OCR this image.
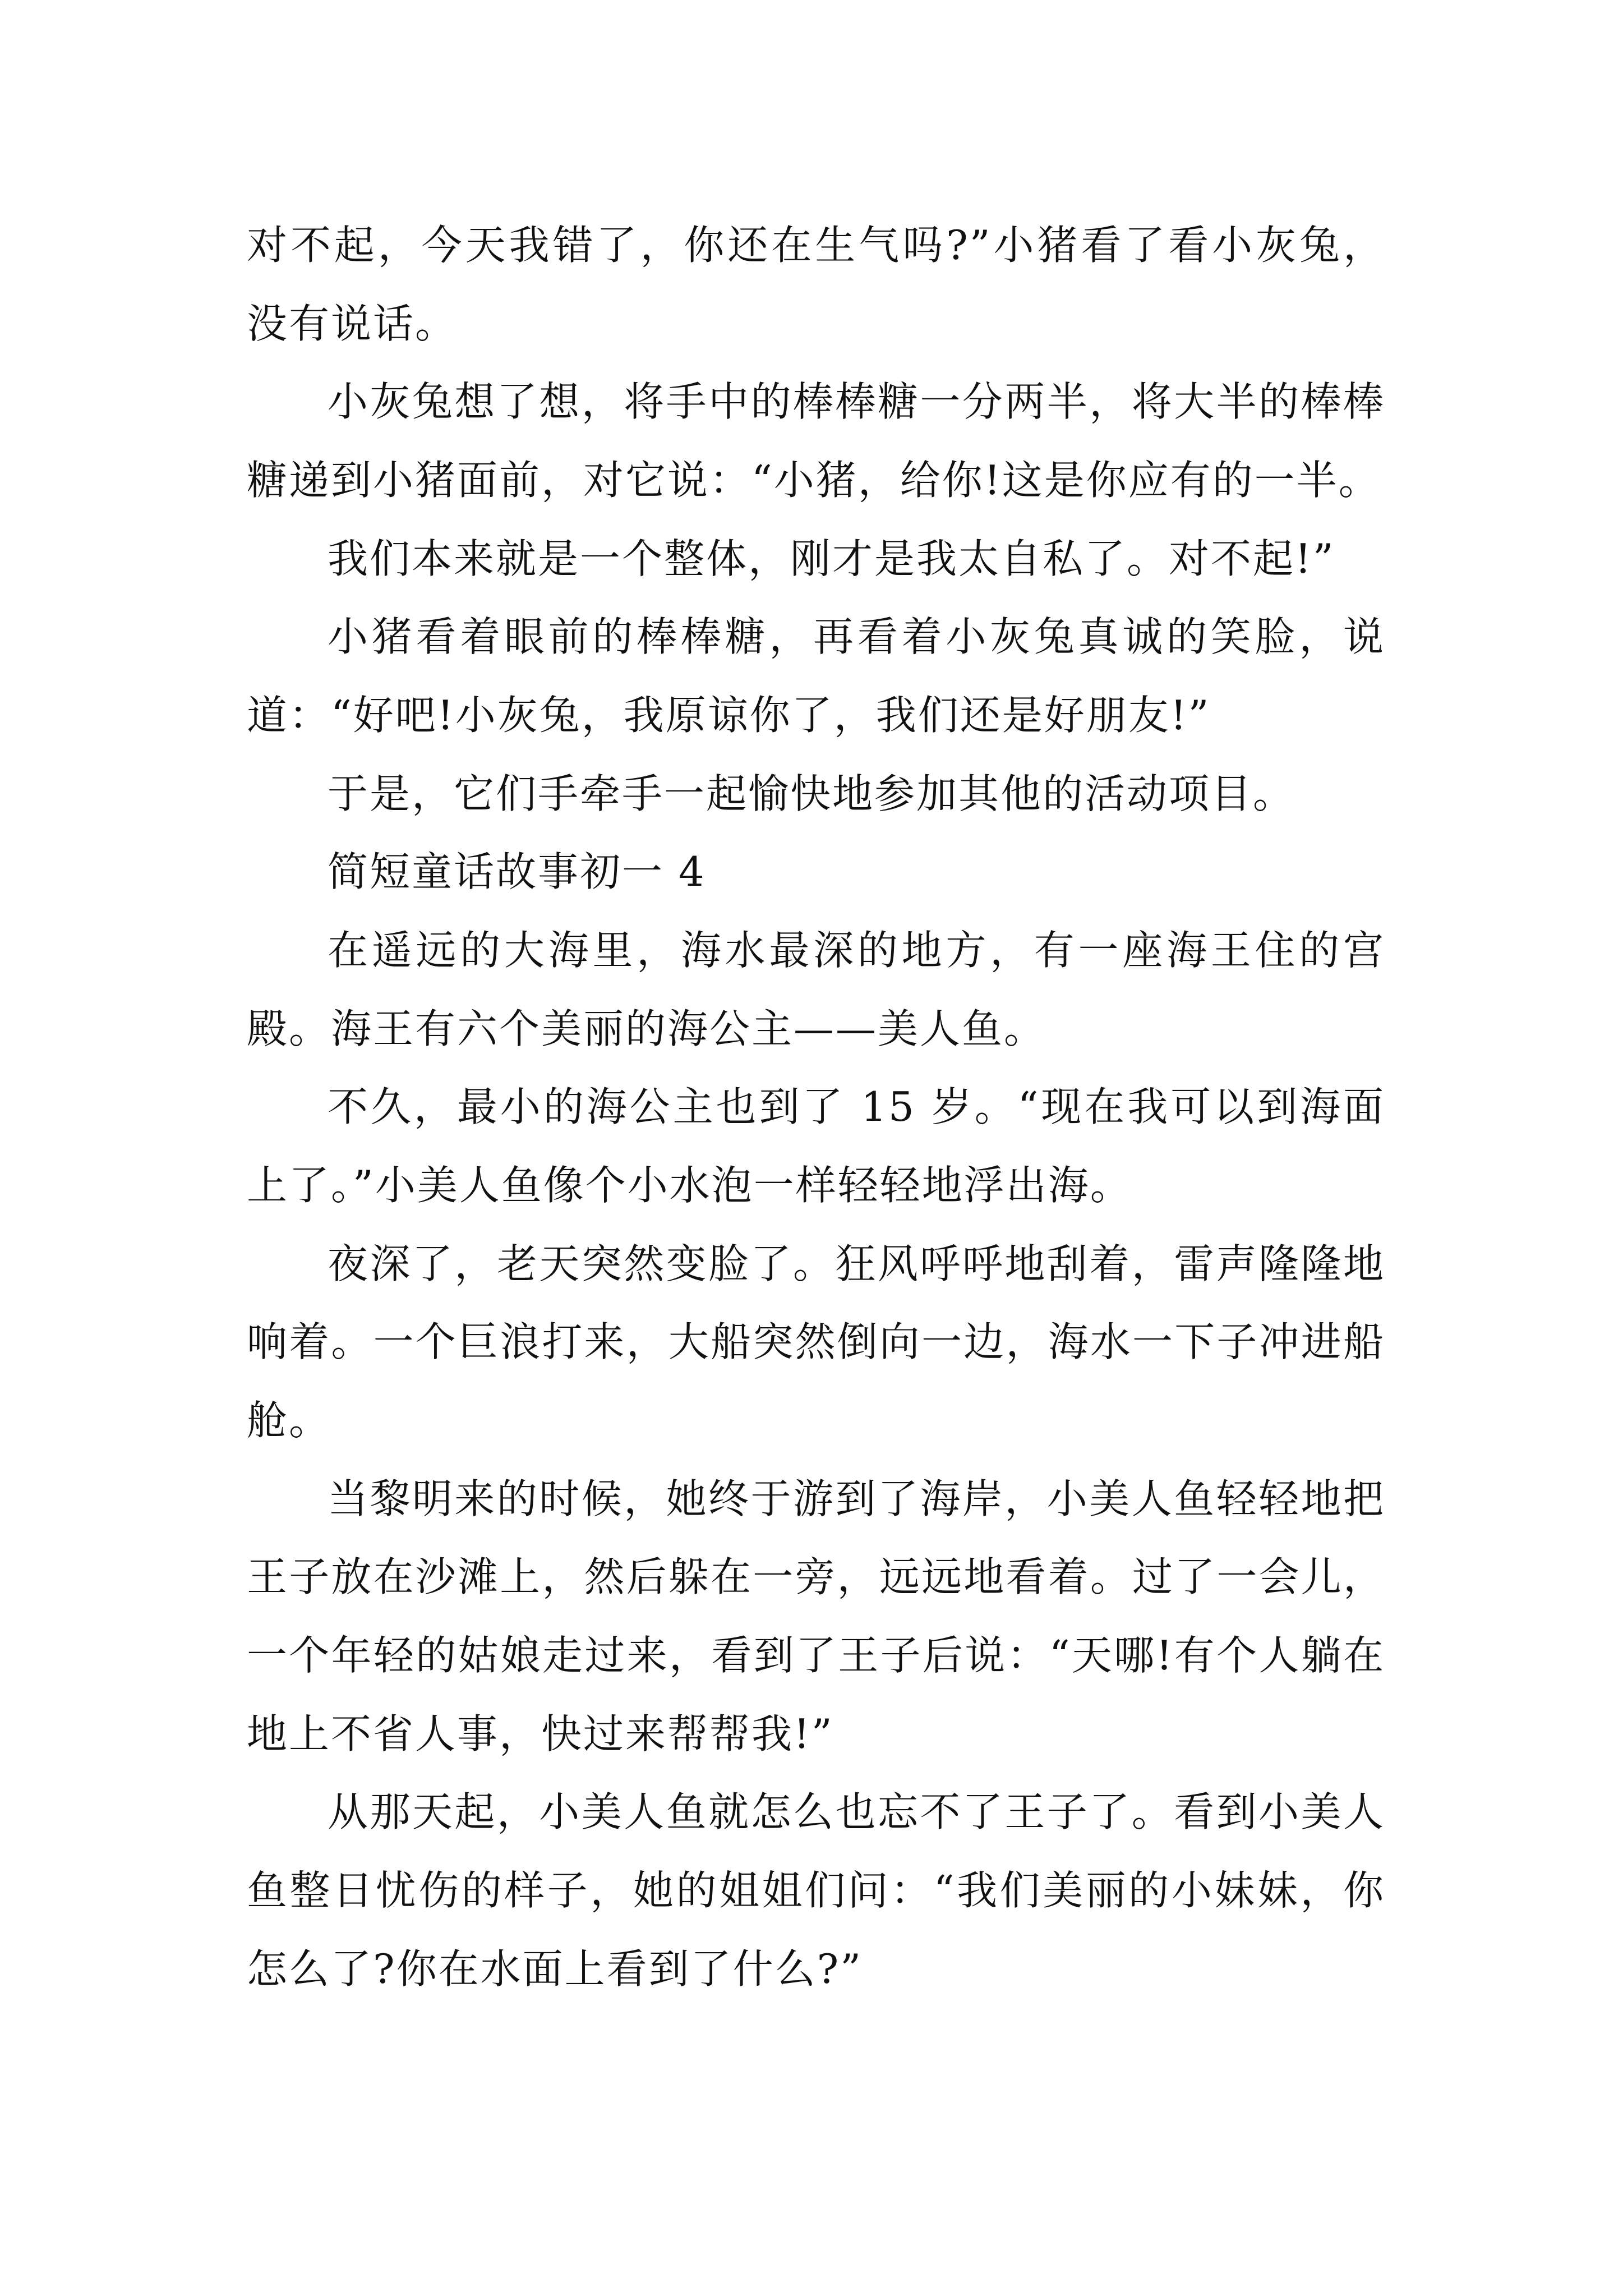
对不起，今天我错了，你还在生气吗?”小猪看了看小灰兔，没有说话。

小灰兔想了想，将手中的棒棒糖一分两半，将大半的棒棒糖递到小猪面前，对它说：“小猪，给你!这是你应有的一半。

我们本来就是一个整体，刚才是我太自私了。对不起!”

小猪看着眼前的棒棒糖，再看着小灰兔真诚的笑脸，说道：“好吧!小灰兔，我原谅你了，我们还是好朋友!”

于是，它们手牵手一起愉快地参加其他的活动项目。

简短童话故事初一 4

在遥远的大海里，海水最深的地方，有一座海王住的宫殿。海王有六个美丽的海公主——美人鱼。

不久，最小的海公主也到了 15 岁。“现在我可以到海面上了。”小美人鱼像个小水泡一样轻轻地浮出海。

夜深了，老天突然变脸了。狂风呼呼地刮着，雷声隆隆地响着。一个巨浪打来，大船突然倒向一边，海水一下子冲进船舱。

当黎明来的时候，她终于游到了海岸，小美人鱼轻轻地把王子放在沙滩上，然后躲在一旁，远远地看着。过了一会儿，一个年轻的姑娘走过来，看到了王子后说：“天哪!有个人躺在地上不省人事，快过来帮帮我!”

从那天起，小美人鱼就怎么也忘不了王子了。看到小美人鱼整日忧伤的样子，她的姐姐们问：“我们美丽的小妹妹，你怎么了?你在水面上看到了什么?”
